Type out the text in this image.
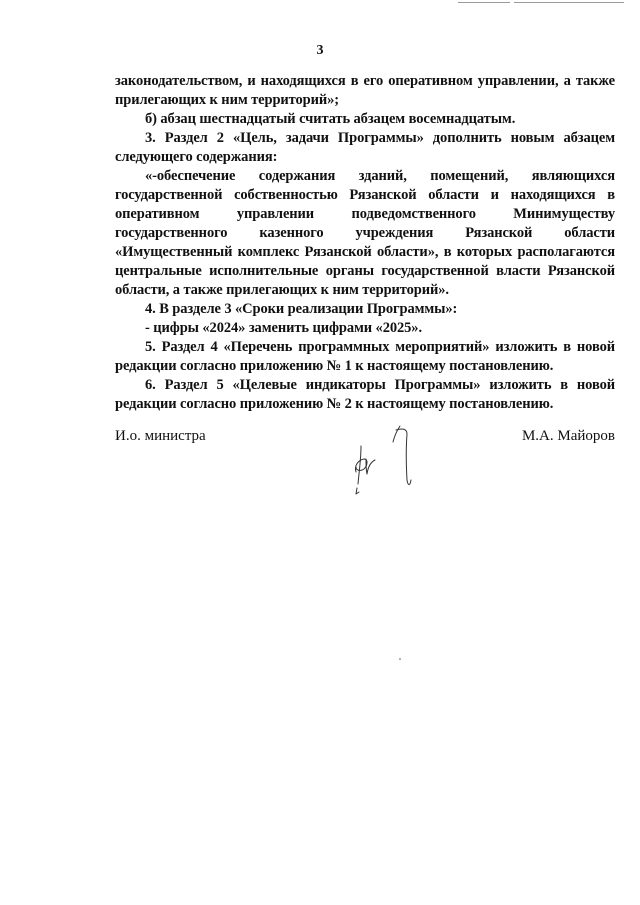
3

законодательством, и находящихся в его оперативном управлении, а также прилегающих к ним территорий»;

б) абзац шестнадцатый считать абзацем восемнадцатым.

3. Раздел 2 «Цель, задачи Программы» дополнить новым абзацем следующего содержания:

«-обеспечение содержания зданий, помещений, являющихся государственной собственностью Рязанской области и находящихся в оперативном управлении подведомственного Минимуществу государственного казенного учреждения Рязанской области «Имущественный комплекс Рязанской области», в которых располагаются центральные исполнительные органы государственной власти Рязанской области, а также прилегающих к ним территорий».

4. В разделе 3 «Сроки реализации Программы»:

- цифры «2024» заменить цифрами «2025».

5. Раздел 4 «Перечень программных мероприятий» изложить в новой редакции согласно приложению № 1 к настоящему постановлению.

6. Раздел 5 «Целевые индикаторы Программы» изложить в новой редакции согласно приложению № 2 к настоящему постановлению.

И.о. министра	М.А. Майоров
